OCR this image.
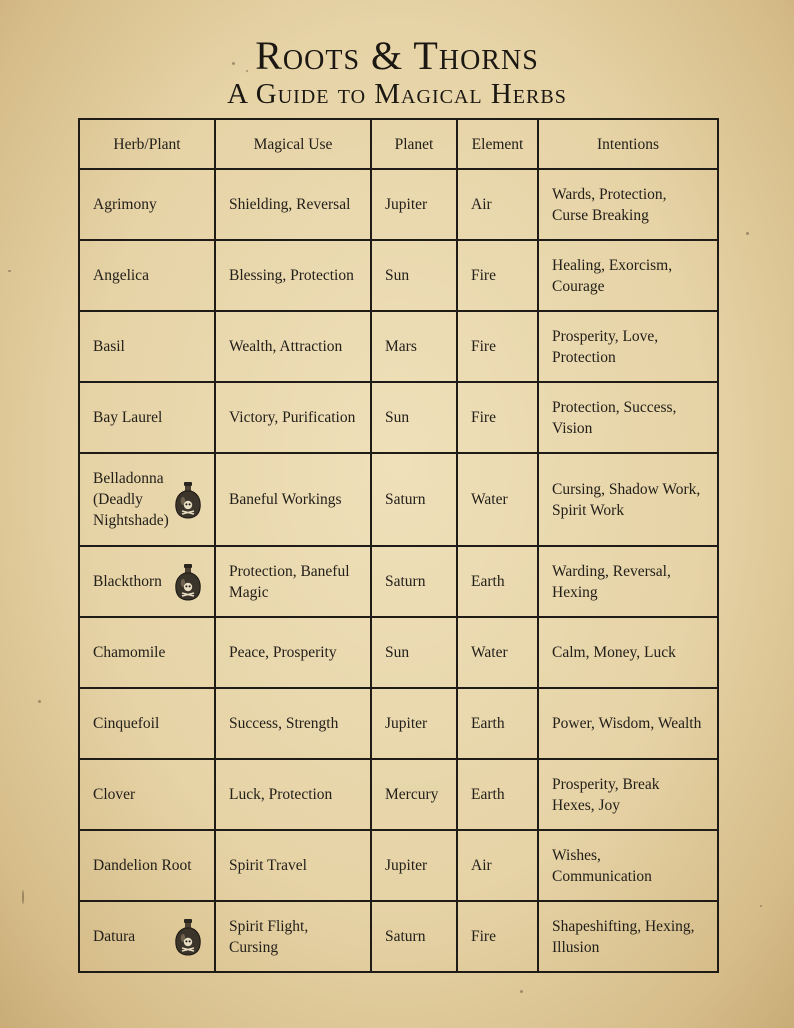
Roots & Thorns
A Guide to Magical Herbs
Herb/Plant	Magical Use	Planet	Element	Intentions
Agrimony	Shielding, Reversal	Jupiter	Air	Wards, Protection, Curse Breaking
Angelica	Blessing, Protection	Sun	Fire	Healing, Exorcism, Courage
Basil	Wealth, Attraction	Mars	Fire	Prosperity, Love, Protection
Bay Laurel	Victory, Purification	Sun	Fire	Protection, Success, Vision
Belladonna (Deadly Nightshade)	Baneful Workings	Saturn	Water	Cursing, Shadow Work, Spirit Work
Blackthorn	Protection, Baneful Magic	Saturn	Earth	Warding, Reversal, Hexing
Chamomile	Peace, Prosperity	Sun	Water	Calm, Money, Luck
Cinquefoil	Success, Strength	Jupiter	Earth	Power, Wisdom, Wealth
Clover	Luck, Protection	Mercury	Earth	Prosperity, Break Hexes, Joy
Dandelion Root	Spirit Travel	Jupiter	Air	Wishes, Communication
Datura	Spirit Flight, Cursing	Saturn	Fire	Shapeshifting, Hexing, Illusion
